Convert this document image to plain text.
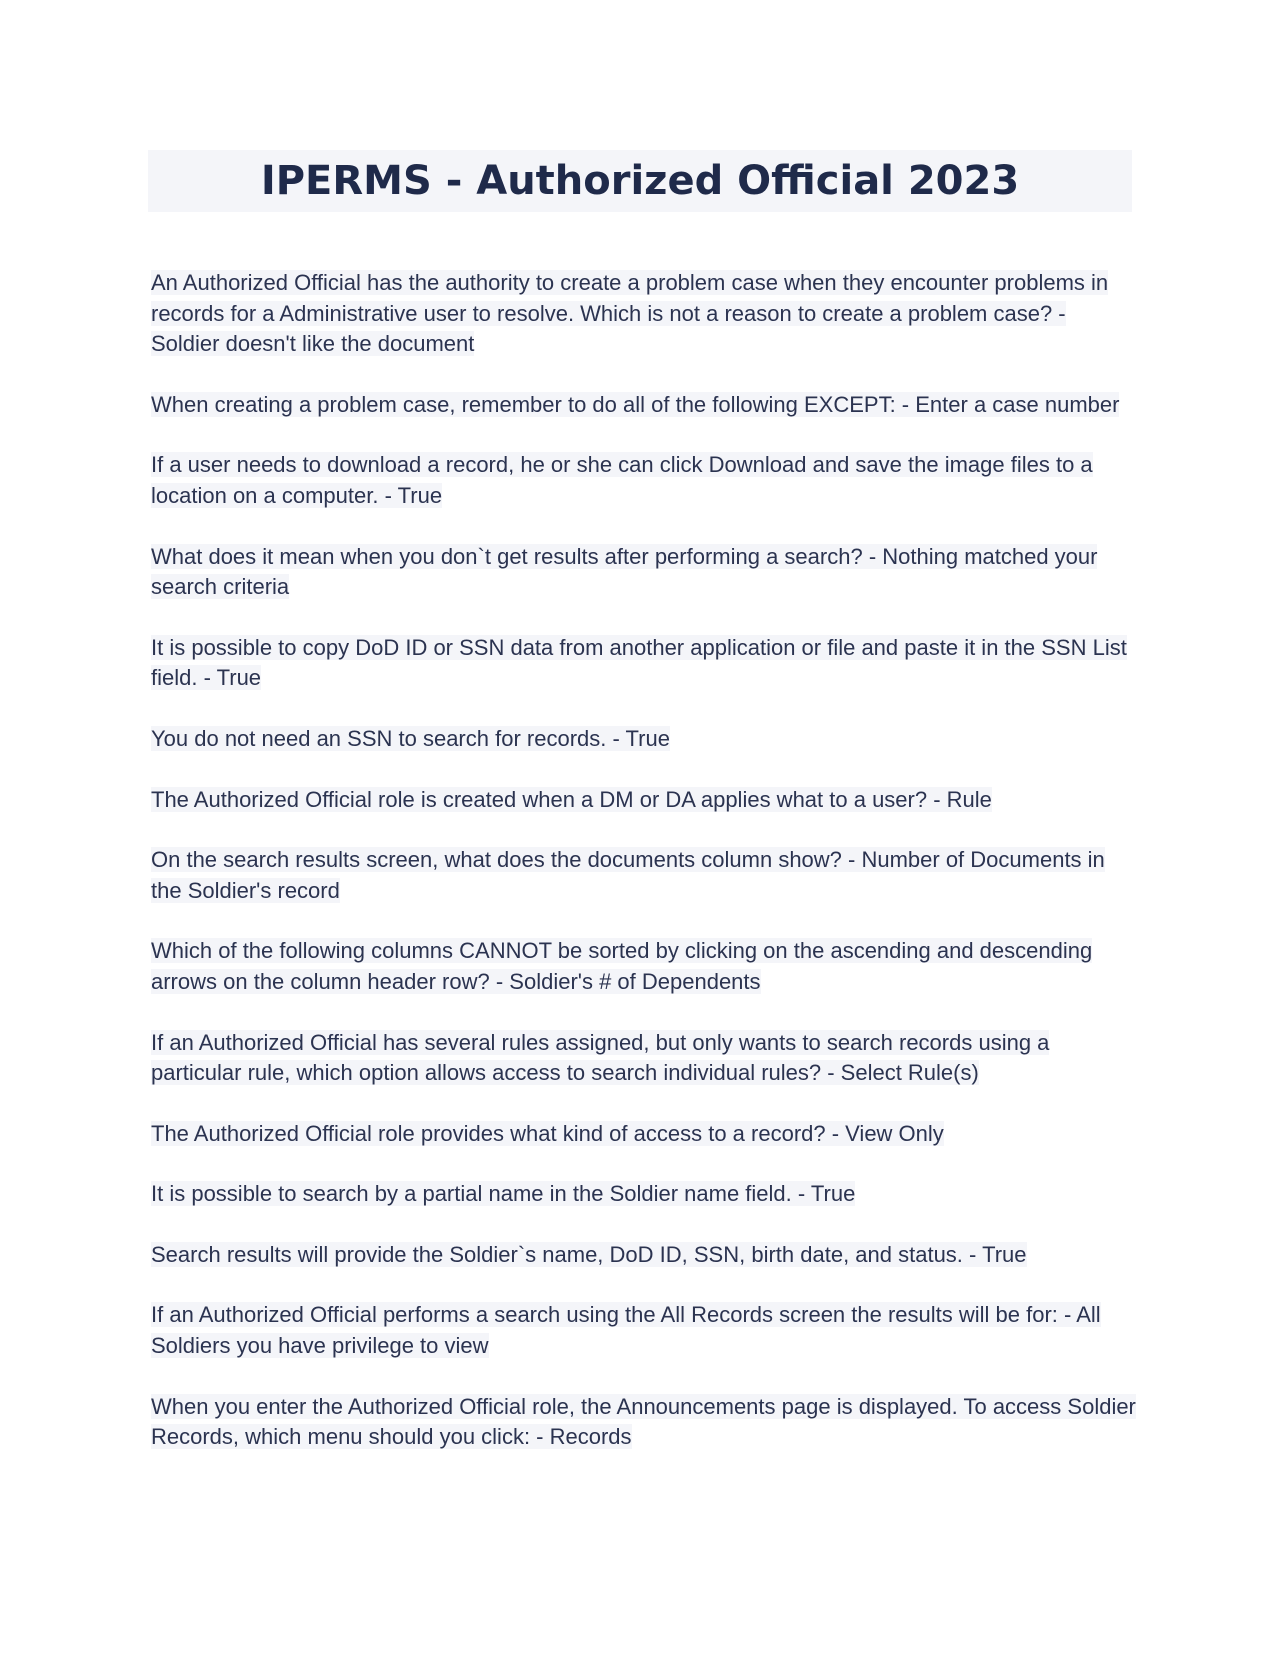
IPERMS - Authorized Official 2023
An Authorized Official has the authority to create a problem case when they encounter problems in records for a Administrative user to resolve. Which is not a reason to create a problem case? - Soldier doesn't like the document
When creating a problem case, remember to do all of the following EXCEPT: - Enter a case number
If a user needs to download a record, he or she can click Download and save the image files to a location on a computer. - True
What does it mean when you don`t get results after performing a search? - Nothing matched your search criteria
It is possible to copy DoD ID or SSN data from another application or file and paste it in the SSN List field. - True
You do not need an SSN to search for records. - True
The Authorized Official role is created when a DM or DA applies what to a user? - Rule
On the search results screen, what does the documents column show? - Number of Documents in the Soldier's record
Which of the following columns CANNOT be sorted by clicking on the ascending and descending arrows on the column header row? - Soldier's # of Dependents
If an Authorized Official has several rules assigned, but only wants to search records using a particular rule, which option allows access to search individual rules? - Select Rule(s)
The Authorized Official role provides what kind of access to a record? - View Only
It is possible to search by a partial name in the Soldier name field. - True
Search results will provide the Soldier`s name, DoD ID, SSN, birth date, and status. - True
If an Authorized Official performs a search using the All Records screen the results will be for: - All Soldiers you have privilege to view
When you enter the Authorized Official role, the Announcements page is displayed. To access Soldier Records, which menu should you click: - Records
